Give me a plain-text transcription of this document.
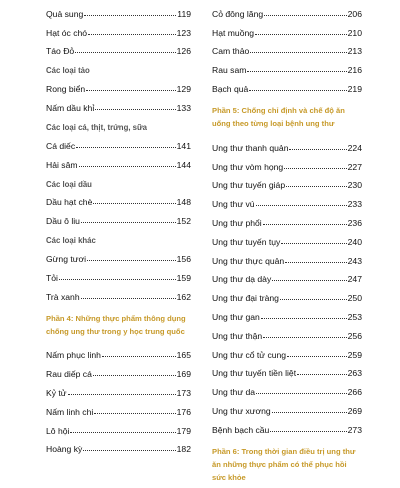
Quả sung	119
Hạt óc chó	123
Táo Đỏ	126
Các loại tảo
Rong biển	129
Nấm dầu khỉ	133
Các loại cá, thịt, trứng, sữa
Cá diếc	141
Hải sâm	144
Các loại dầu
Dầu hạt chè	148
Dầu ô liu	152
Các loại khác
Gừng tươi	156
Tỏi	159
Trà xanh	162
Phần 4: Những thực phẩm thông dụng chống ung thư trong y học trung quốc
Nấm phục linh	165
Rau diếp cá	169
Kỷ tử	173
Nấm linh chi	176
Lô hội	179
Hoàng kỳ	182
Cỏ đông lăng	206
Hạt muồng	210
Cam thảo	213
Rau sam	216
Bạch quả	219
Phần 5: Chống chỉ định và chế độ ăn uống theo từng loại bệnh ung thư
Ung thư thanh quản	224
Ung thư vòm họng	227
Ung thư tuyến giáp	230
Ung thư vú	233
Ung thư phổi	236
Ung thư tuyến tụy	240
Ung thư thực quản	243
Ung thư dạ dày	247
Ung thư đại tràng	250
Ung thư gan	253
Ung thư thận	256
Ung thư cổ tử cung	259
Ung thư tuyến tiền liệt	263
Ung thư da	266
Ung thư xương	269
Bệnh bạch cầu	273
Phần 6: Trong thời gian điều trị ung thư ăn những thực phẩm có thể phục hồi sức khỏe
